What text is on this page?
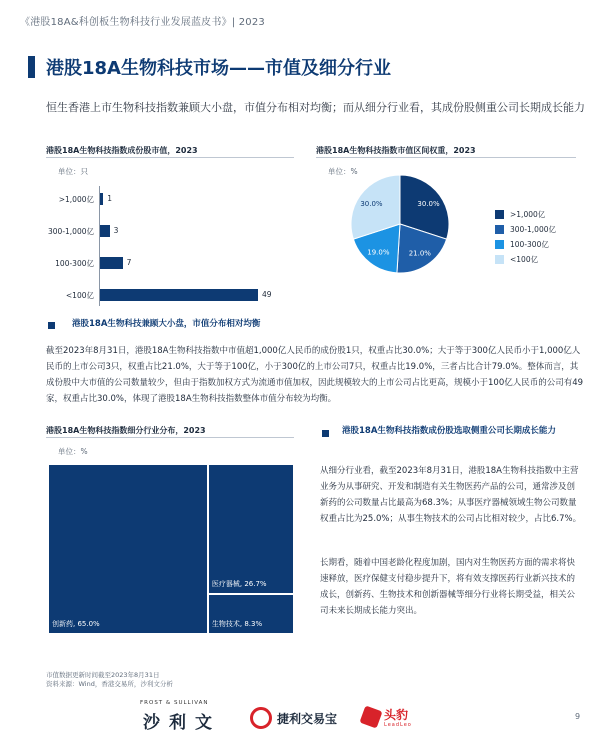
《港股18A&科创板生物科技行业发展蓝皮书》| 2023
港股18A生物科技市场——市值及细分行业
恒生香港上市生物科技指数兼顾大小盘，市值分布相对均衡；而从细分行业看，其成份股侧重公司长期成长能力
港股18A生物科技指数成份股市值，2023
单位：只
>1,000亿 1
300-1,000亿	3
100-300亿	7
<100亿	49
港股18A生物科技指数市值区间权重，2023
单位：%
30.0%
21.0%
19.0%
30.0%
>1,000亿
300-1,000亿
100-300亿
<100亿
港股18A生物科技兼顾大小盘，市值分布相对均衡
截至2023年8月31日，港股18A生物科技指数中市值超1,000亿人民币的成份股1只，权重占比30.0%；大于等于300亿人民币小于1,000亿人民币的上市公司3只，权重占比21.0%，大于等于100亿，小于300亿的上市公司7只，权重占比19.0%，三者占比合计79.0%。整体而言，其成份股中大市值的公司数量较少，但由于指数加权方式为流通市值加权，因此规模较大的上市公司占比更高，规模小于100亿人民币的公司有49家，权重占比30.0%，体现了港股18A生物科技指数整体市值分布较为均衡。
港股18A生物科技指数细分行业分布，2023
单位：%
创新药, 65.0%
医疗器械, 26.7%
生物技术, 8.3%
港股18A生物科技指数成份股选取侧重公司长期成长能力
从细分行业看，截至2023年8月31日，港股18A生物科技指数中主营业务为从事研究、开发和制造有关生物医药产品的公司，通常涉及创新药的公司数量占比最高为68.3%；从事医疗器械领域生物公司数量权重占比为25.0%；从事生物技术的公司占比相对较少，占比6.7%。
长期看，随着中国老龄化程度加剧，国内对生物医药方面的需求将快速释放，医疗保健支付稳步提升下，将有效支撑医药行业新兴技术的成长，创新药、生物技术和创新器械等细分行业将长期受益，相关公司未来长期成长能力突出。
市值数据更新时间截至2023年8月31日
资料来源：Wind，香港交易所，沙利文分析
FROST & SULLIVAN
沙利文	捷利交易宝	头豹
LeadLeo
9
